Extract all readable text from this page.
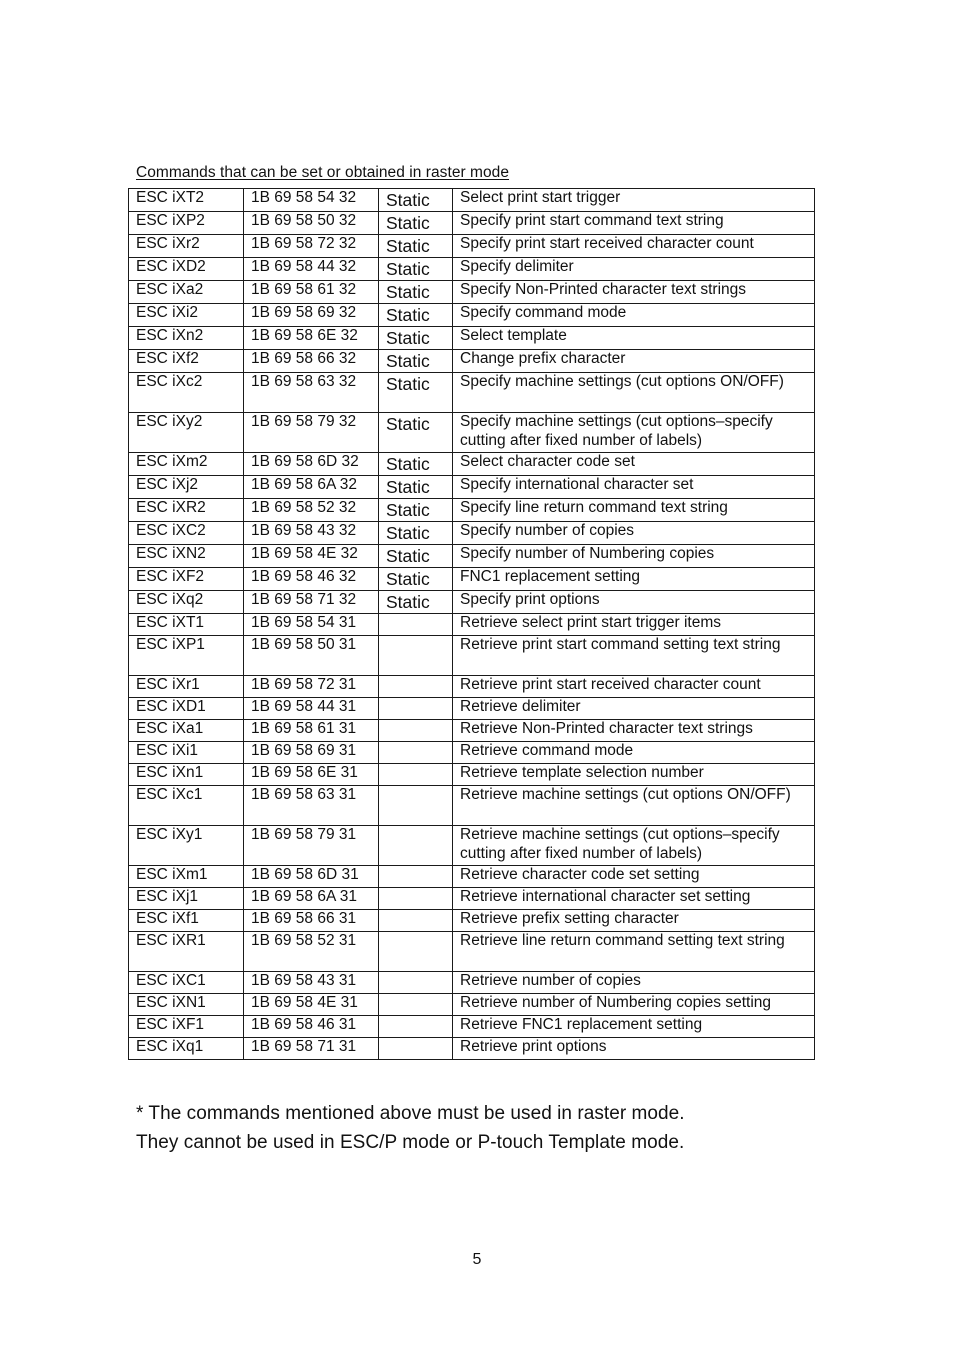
Commands that can be set or obtained in raster mode
ESC iXT2	1B 69 58 54 32	Static	Select print start trigger
ESC iXP2	1B 69 58 50 32	Static	Specify print start command text string
ESC iXr2	1B 69 58 72 32	Static	Specify print start received character count
ESC iXD2	1B 69 58 44 32	Static	Specify delimiter
ESC iXa2	1B 69 58 61 32	Static	Specify Non-Printed character text strings
ESC iXi2	1B 69 58 69 32	Static	Specify command mode
ESC iXn2	1B 69 58 6E 32	Static	Select template
ESC iXf2	1B 69 58 66 32	Static	Change prefix character
ESC iXc2	1B 69 58 63 32	Static	Specify machine settings (cut options ON/OFF)
ESC iXy2	1B 69 58 79 32	Static	Specify machine settings (cut options–specify cutting after fixed number of labels)
ESC iXm2	1B 69 58 6D 32	Static	Select character code set
ESC iXj2	1B 69 58 6A 32	Static	Specify international character set
ESC iXR2	1B 69 58 52 32	Static	Specify line return command text string
ESC iXC2	1B 69 58 43 32	Static	Specify number of copies
ESC iXN2	1B 69 58 4E 32	Static	Specify number of Numbering copies
ESC iXF2	1B 69 58 46 32	Static	FNC1 replacement setting
ESC iXq2	1B 69 58 71 32	Static	Specify print options
ESC iXT1	1B 69 58 54 31		Retrieve select print start trigger items
ESC iXP1	1B 69 58 50 31		Retrieve print start command setting text string
ESC iXr1	1B 69 58 72 31		Retrieve print start received character count
ESC iXD1	1B 69 58 44 31		Retrieve delimiter
ESC iXa1	1B 69 58 61 31		Retrieve Non-Printed character text strings
ESC iXi1	1B 69 58 69 31		Retrieve command mode
ESC iXn1	1B 69 58 6E 31		Retrieve template selection number
ESC iXc1	1B 69 58 63 31		Retrieve machine settings (cut options ON/OFF)
ESC iXy1	1B 69 58 79 31		Retrieve machine settings (cut options–specify cutting after fixed number of labels)
ESC iXm1	1B 69 58 6D 31		Retrieve character code set setting
ESC iXj1	1B 69 58 6A 31		Retrieve international character set setting
ESC iXf1	1B 69 58 66 31		Retrieve prefix setting character
ESC iXR1	1B 69 58 52 31		Retrieve line return command setting text string
ESC iXC1	1B 69 58 43 31		Retrieve number of copies
ESC iXN1	1B 69 58 4E 31		Retrieve number of Numbering copies setting
ESC iXF1	1B 69 58 46 31		Retrieve FNC1 replacement setting
ESC iXq1	1B 69 58 71 31		Retrieve print options
* The commands mentioned above must be used in raster mode.
They cannot be used in ESC/P mode or P-touch Template mode.
5
